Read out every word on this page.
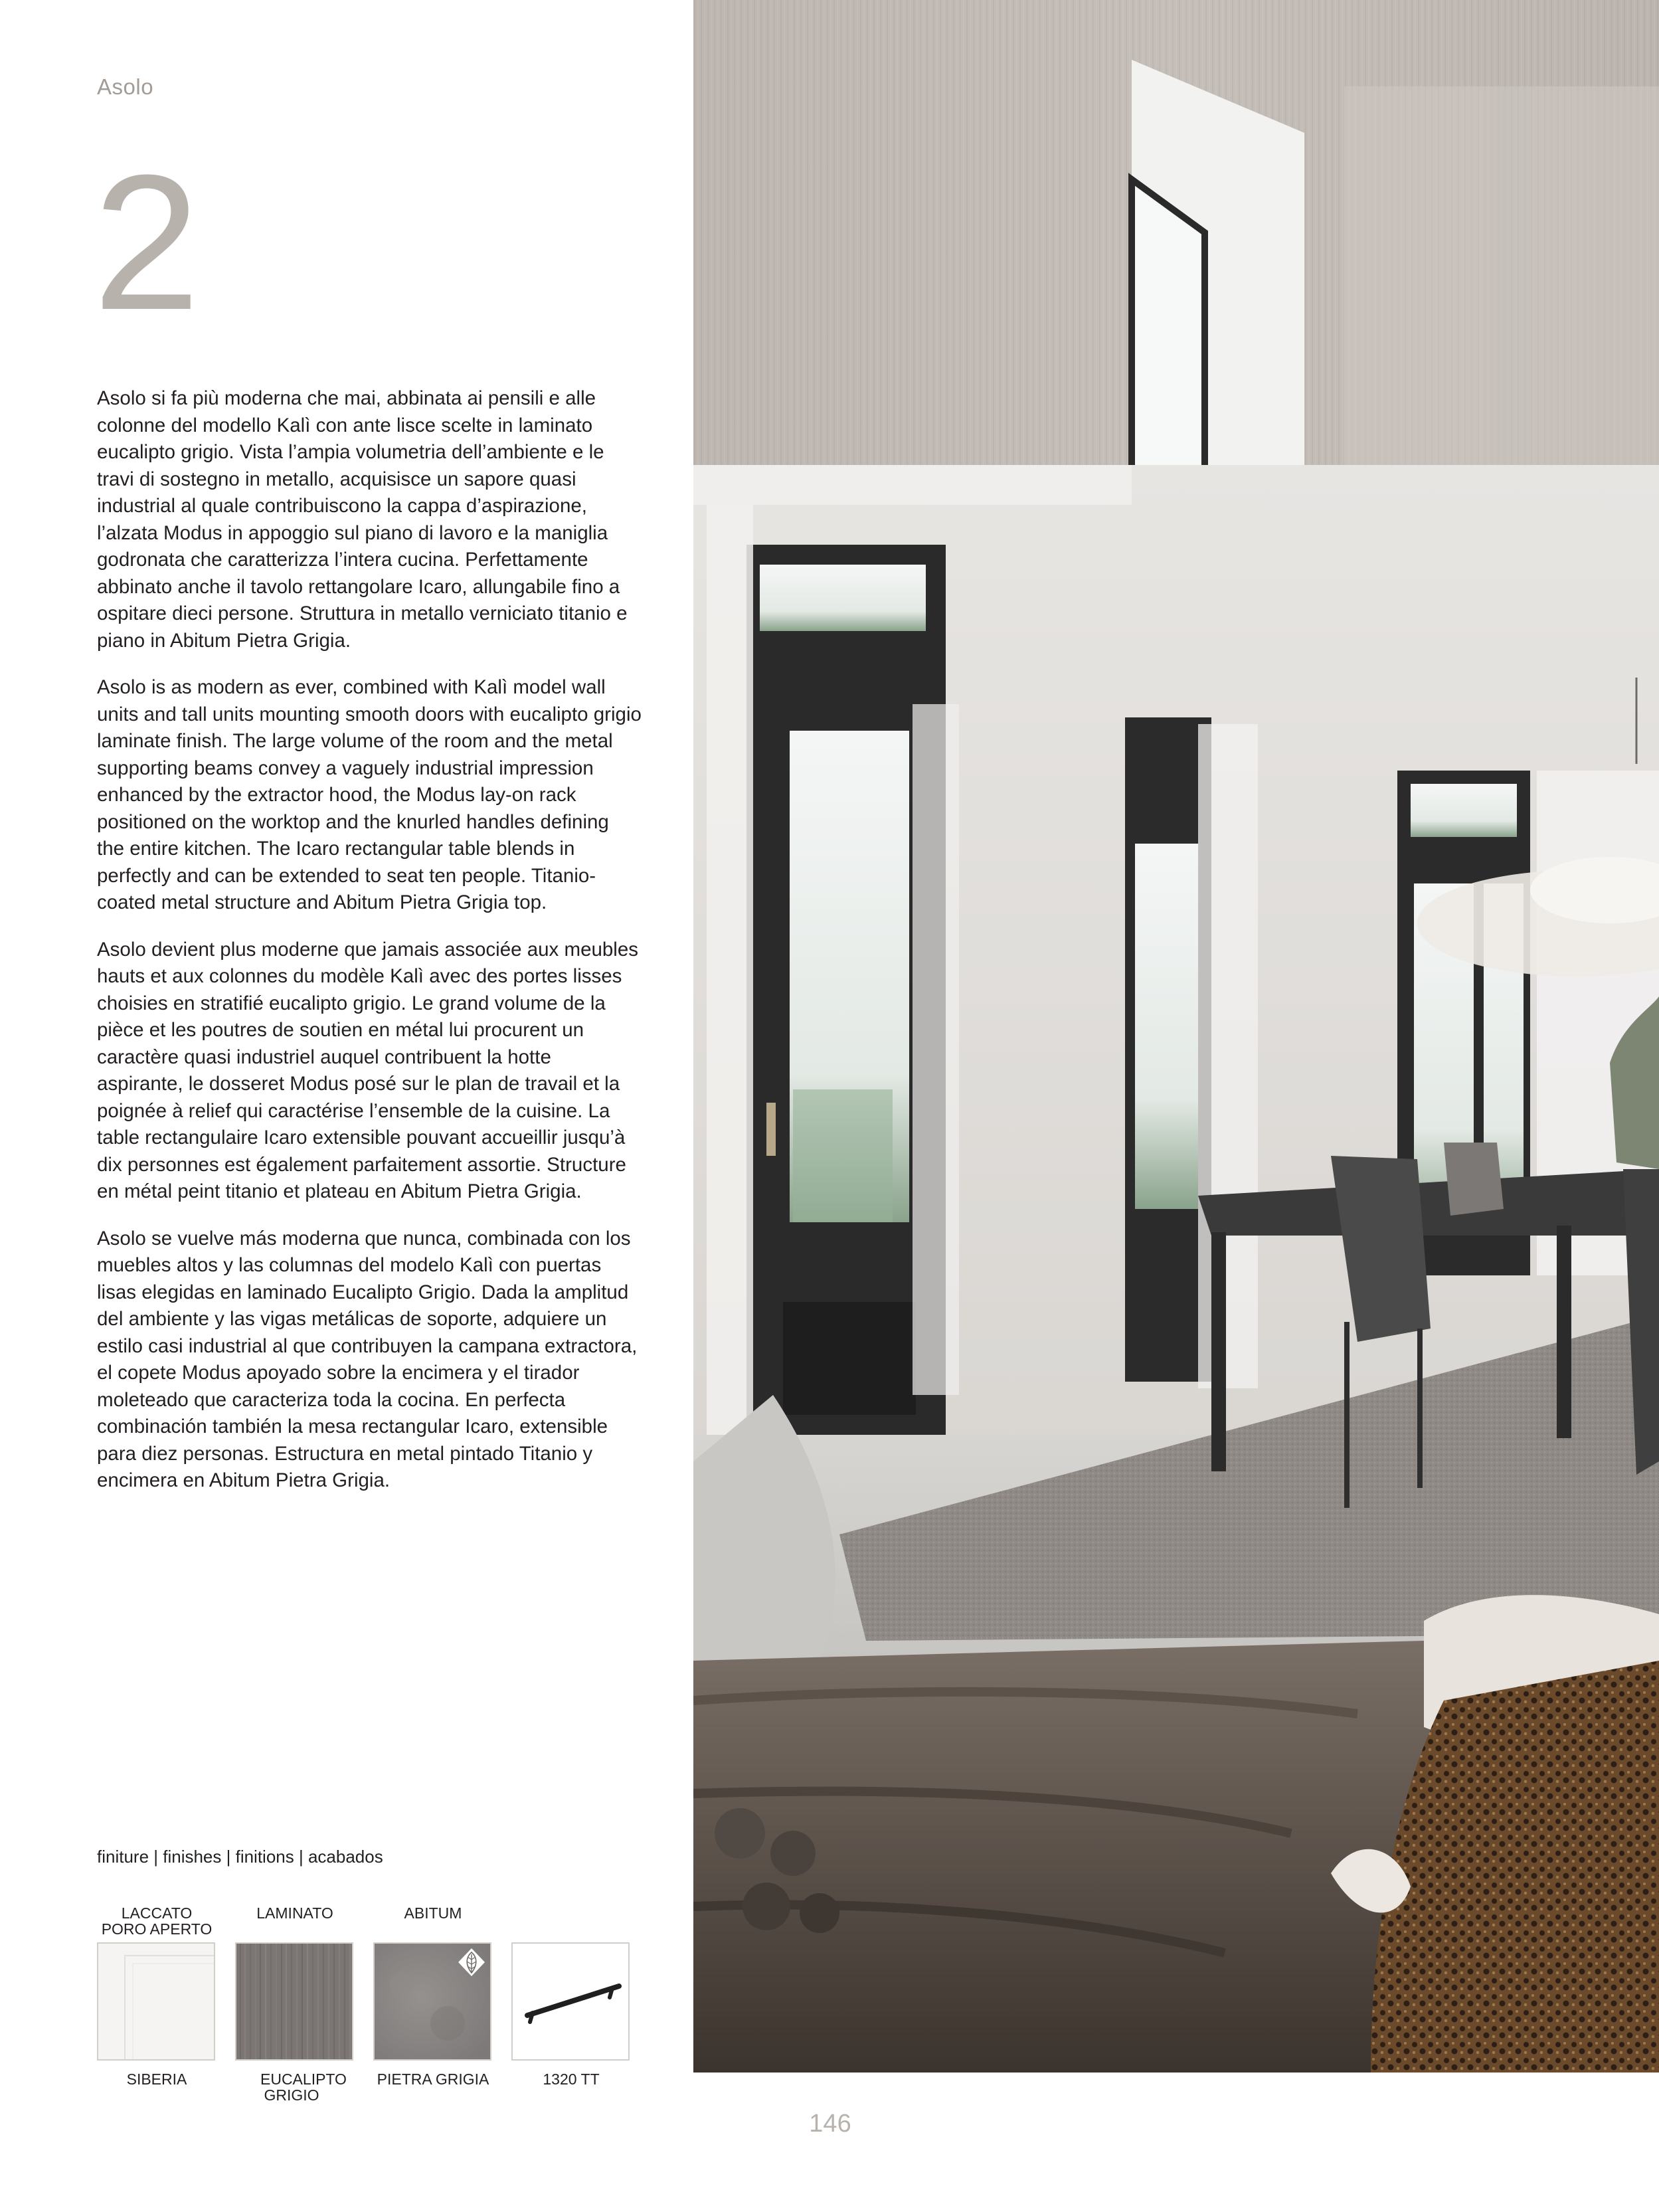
Asolo
2

Asolo si fa più moderna che mai, abbinata ai pensili e alle colonne del modello Kalì con ante lisce scelte in laminato eucalipto grigio. Vista l’ampia volumetria dell’ambiente e le travi di sostegno in metallo, acquisisce un sapore quasi industrial al quale contribuiscono la cappa d’aspirazione, l’alzata Modus in appoggio sul piano di lavoro e la maniglia godronata che caratterizza l’intera cucina. Perfettamente abbinato anche il tavolo rettangolare Icaro, allungabile fino a ospitare dieci persone. Struttura in metallo verniciato titanio e piano in Abitum Pietra Grigia.

Asolo is as modern as ever, combined with Kalì model wall units and tall units mounting smooth doors with eucalipto grigio laminate finish. The large volume of the room and the metal supporting beams convey a vaguely industrial impression enhanced by the extractor hood, the Modus lay-on rack positioned on the worktop and the knurled handles defining the entire kitchen. The Icaro rectangular table blends in perfectly and can be extended to seat ten people. Titanio-coated metal structure and Abitum Pietra Grigia top.

Asolo devient plus moderne que jamais associée aux meubles hauts et aux colonnes du modèle Kalì avec des portes lisses choisies en stratifié eucalipto grigio. Le grand volume de la pièce et les poutres de soutien en métal lui procurent un caractère quasi industriel auquel contribuent la hotte aspirante, le dosseret Modus posé sur le plan de travail et la poignée à relief qui caractérise l’ensemble de la cuisine. La table rectangulaire Icaro extensible pouvant accueillir jusqu’à dix personnes est également parfaitement assortie. Structure en métal peint titanio et plateau en Abitum Pietra Grigia.

Asolo se vuelve más moderna que nunca, combinada con los muebles altos y las columnas del modelo Kalì con puertas lisas elegidas en laminado Eucalipto Grigio. Dada la amplitud del ambiente y las vigas metálicas de soporte, adquiere un estilo casi industrial al que contribuyen la campana extractora, el copete Modus apoyado sobre la encimera y el tirador moleteado que caracteriza toda la cocina. En perfecta combinación también la mesa rectangular Icaro, extensible para diez personas. Estructura en metal pintado Titanio y encimera en Abitum Pietra Grigia.

finiture | finishes | finitions | acabados
LACCATO PORO APERTO
LAMINATO	ABITUM
SIBERIA	EUCALIPTO GRIGIO
PIETRA GRIGIA	1320 TT
146
